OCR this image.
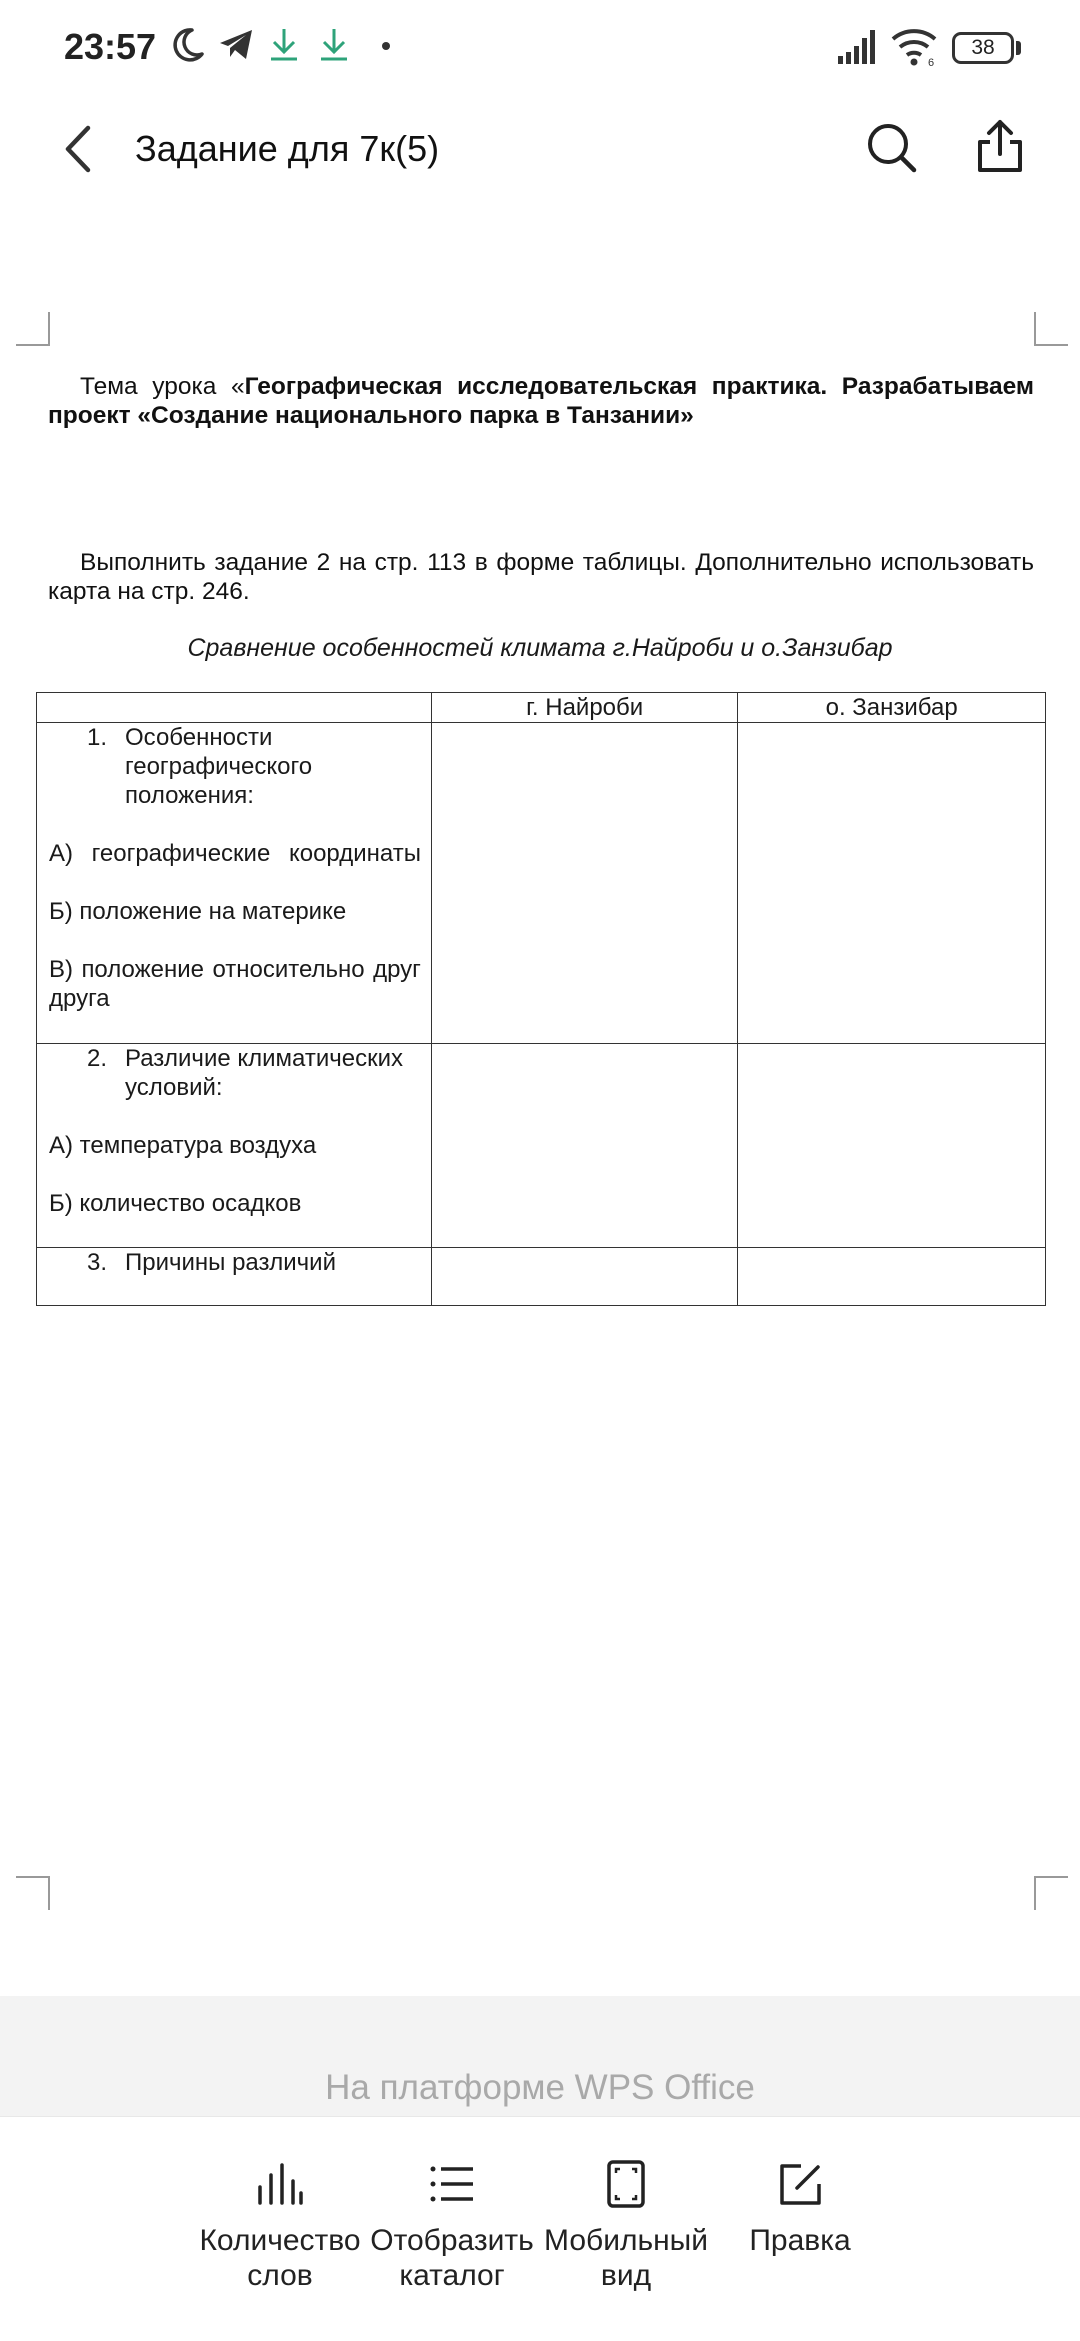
23:57	6
38
Задание для 7к(5)
Тема урока «Географическая исследовательская практика. Разрабатываем проект «Создание национального парка в Танзании»
Выполнить задание 2 на стр. 113 в форме таблицы. Дополнительно использовать карта на стр. 246.
Сравнение особенностей климата г.Найроби и о.Занзибар
	г. Найроби	о. Занзибар

1. Особенности географического положения:
А) географические координаты
Б) положение на материке
В) положение относительно друг друга		

2. Различие климатических условий:
А) температура воздуха
Б) количество осадков		

3. Причины различий		

На платформе WPS Office
Количество слов
Отобразить каталог
Мобильный вид
Правка
